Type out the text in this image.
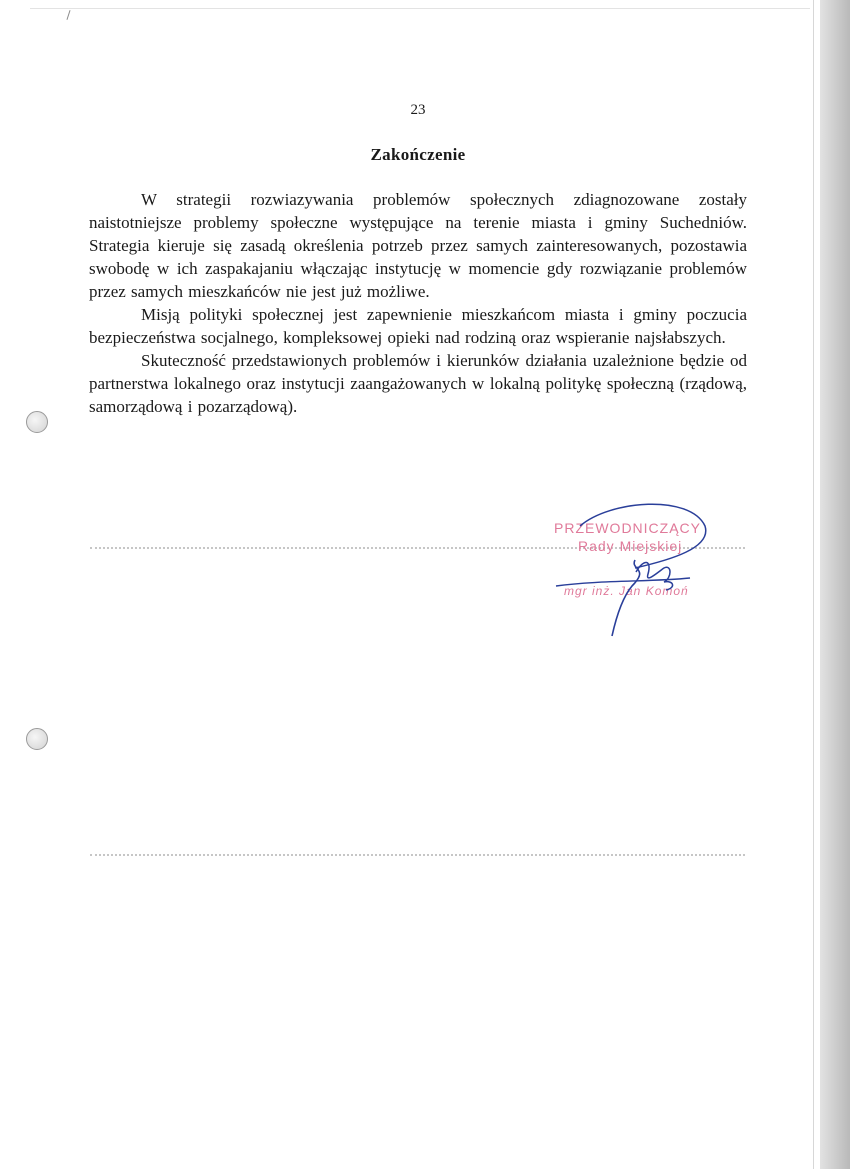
23
Zakończenie

W strategii rozwiazywania problemów społecznych zdiagnozowane zostały naistotniejsze problemy społeczne występujące na terenie miasta i gminy Suchedniów. Strategia kieruje się zasadą określenia potrzeb przez samych zainteresowanych, pozostawia swobodę w ich zaspakajaniu włączając instytucję w momencie gdy rozwiązanie problemów przez samych mieszkańców nie jest już możliwe.

Misją polityki społecznej jest zapewnienie mieszkańcom miasta i gminy poczucia bezpieczeństwa socjalnego, kompleksowej opieki nad rodziną oraz wspieranie najsłabszych.

Skuteczność przedstawionych problemów i kierunków działania uzależnione będzie od partnerstwa lokalnego oraz instytucji zaangażowanych w lokalną politykę społeczną (rządową, samorządową i pozarządową).

PRZEWODNICZĄCY
Rady Miejskiej
mgr inż. Jan Komoń
